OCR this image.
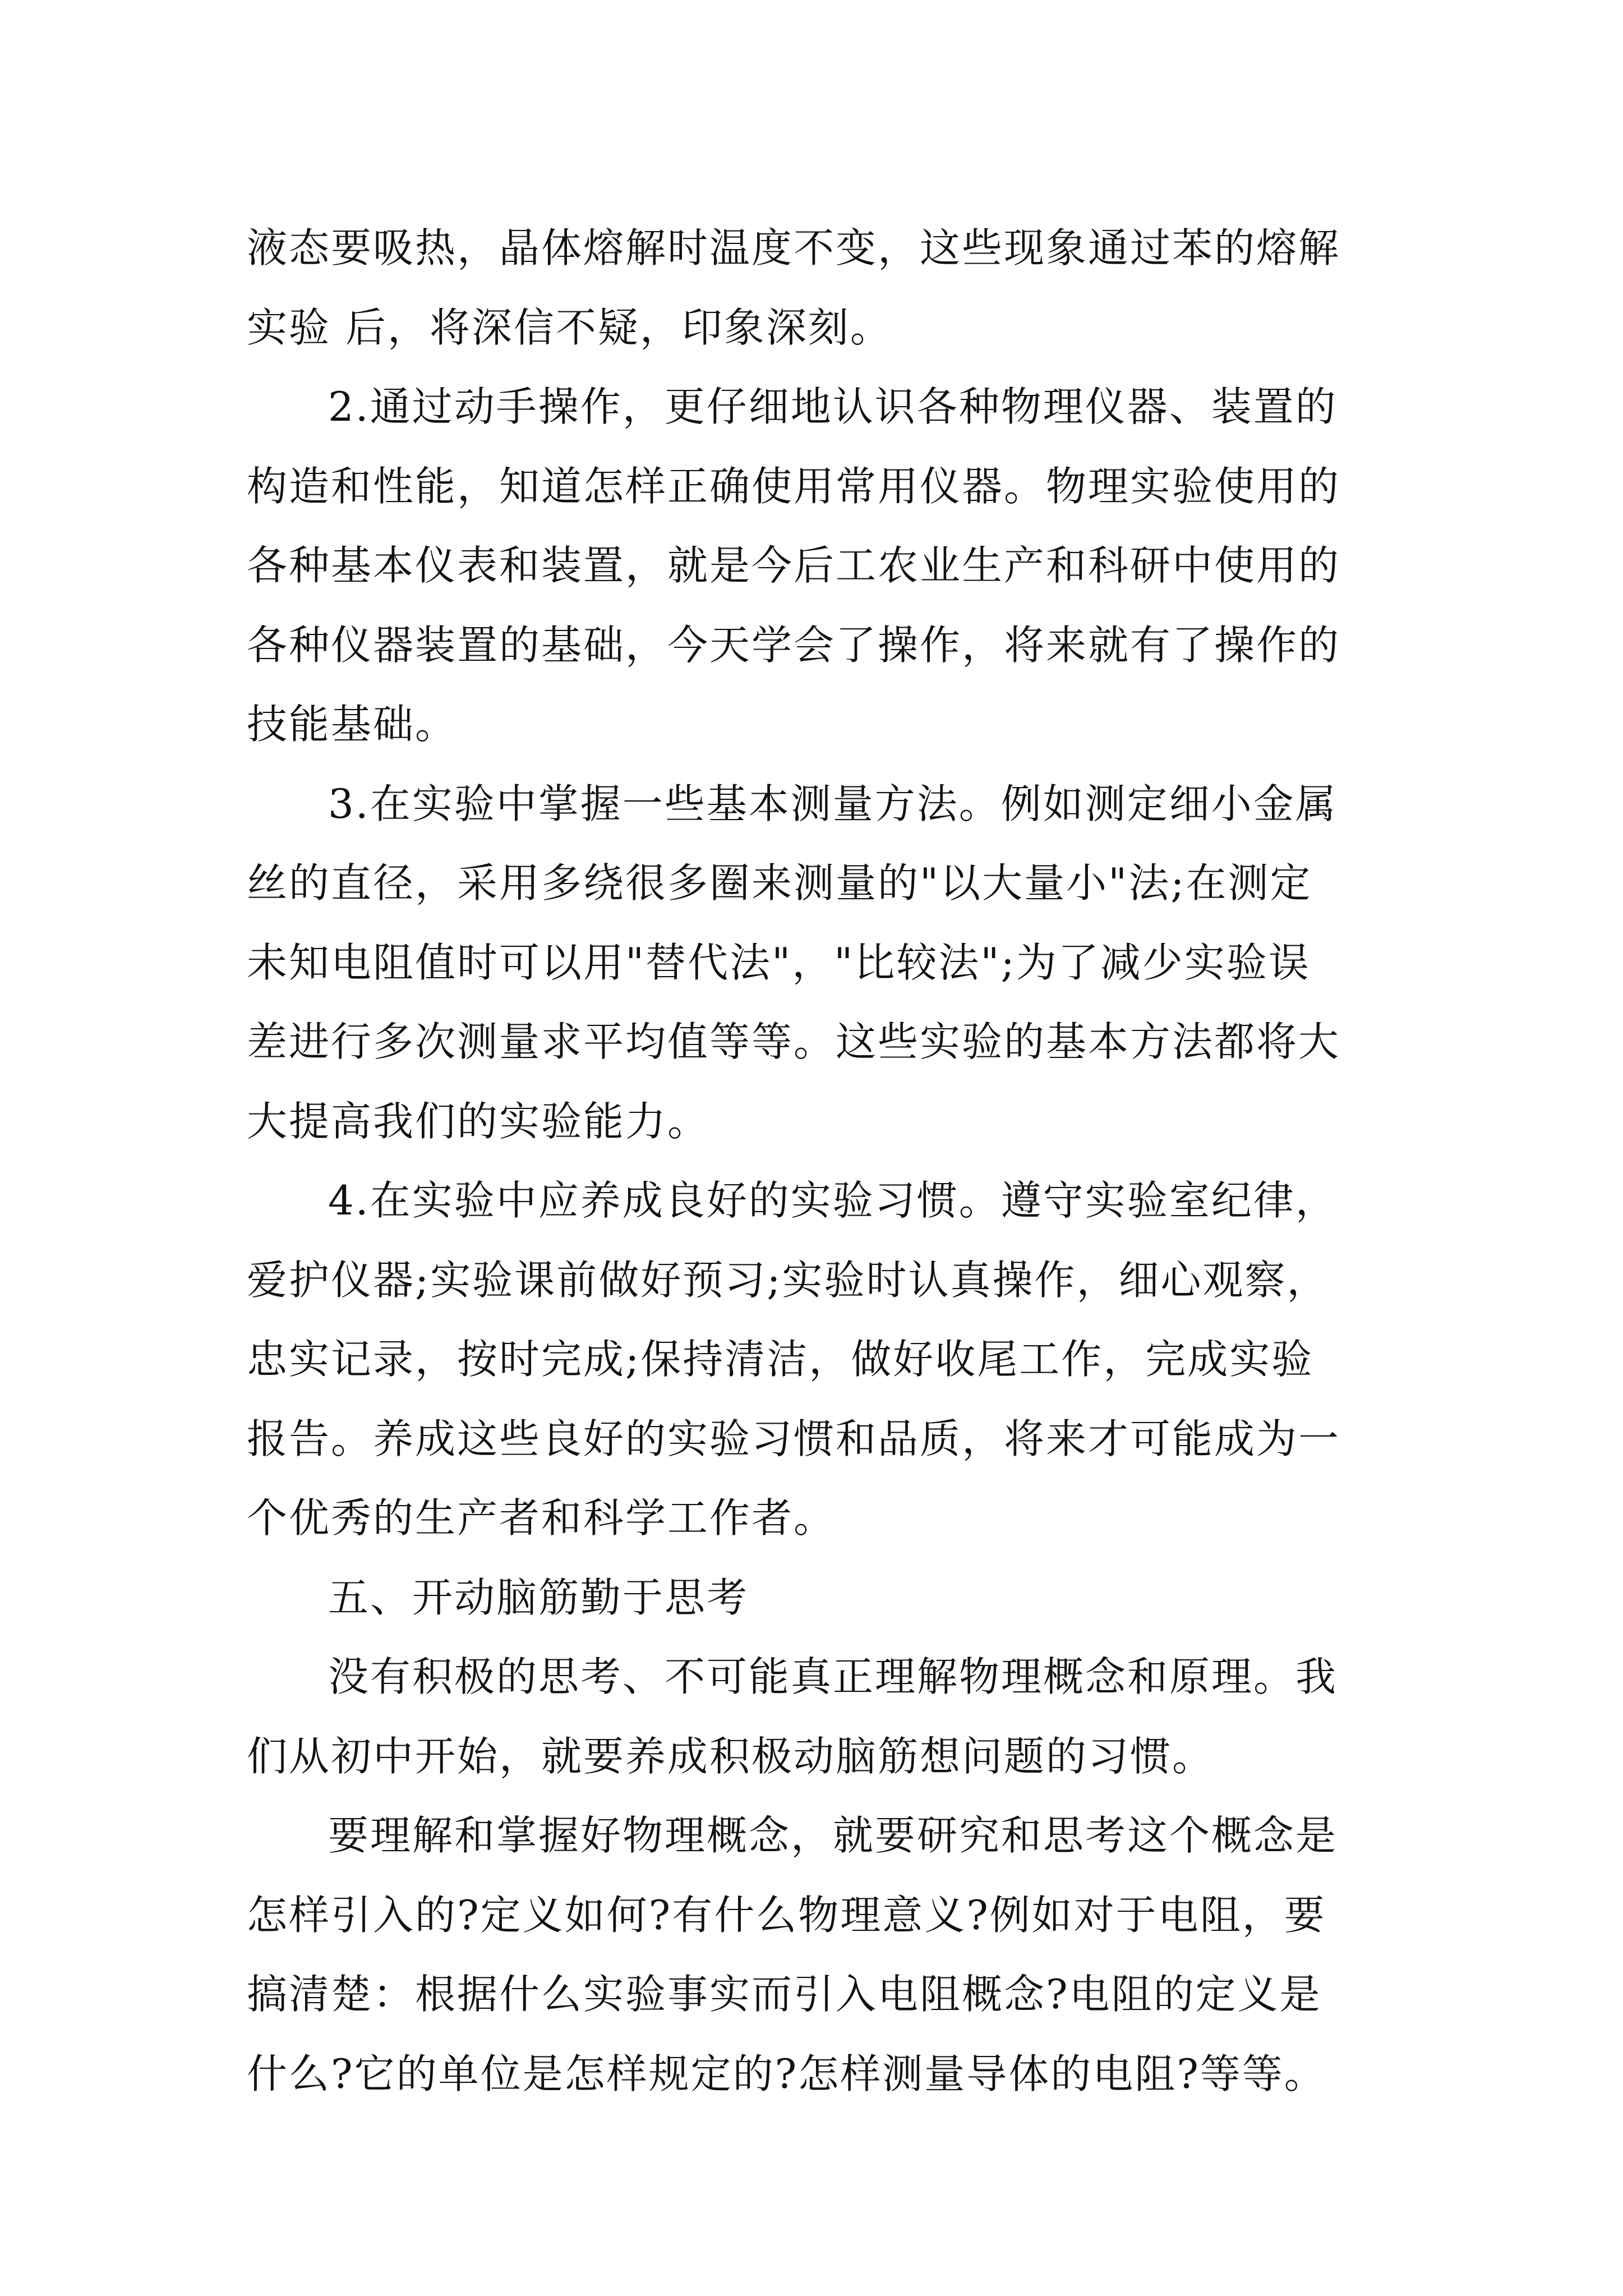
液态要吸热，晶体熔解时温度不变，这些现象通过苯的熔解
实验 后，将深信不疑，印象深刻。
2.通过动手操作，更仔细地认识各种物理仪器、装置的
构造和性能，知道怎样正确使用常用仪器。物理实验使用的
各种基本仪表和装置，就是今后工农业生产和科研中使用的
各种仪器装置的基础，今天学会了操作，将来就有了操作的
技能基础。
3.在实验中掌握一些基本测量方法。例如测定细小金属
丝的直径，采用多绕很多圈来测量的"以大量小"法;在测定
未知电阻值时可以用"替代法"，"比较法";为了减少实验误
差进行多次测量求平均值等等。这些实验的基本方法都将大
大提高我们的实验能力。
4.在实验中应养成良好的实验习惯。遵守实验室纪律，
爱护仪器;实验课前做好预习;实验时认真操作，细心观察，
忠实记录，按时完成;保持清洁，做好收尾工作，完成实验
报告。养成这些良好的实验习惯和品质，将来才可能成为一
个优秀的生产者和科学工作者。
五、开动脑筋勤于思考
没有积极的思考、不可能真正理解物理概念和原理。我
们从初中开始，就要养成积极动脑筋想问题的习惯。
要理解和掌握好物理概念，就要研究和思考这个概念是
怎样引入的?定义如何?有什么物理意义?例如对于电阻，要
搞清楚：根据什么实验事实而引入电阻概念?电阻的定义是
什么?它的单位是怎样规定的?怎样测量导体的电阻?等等。
